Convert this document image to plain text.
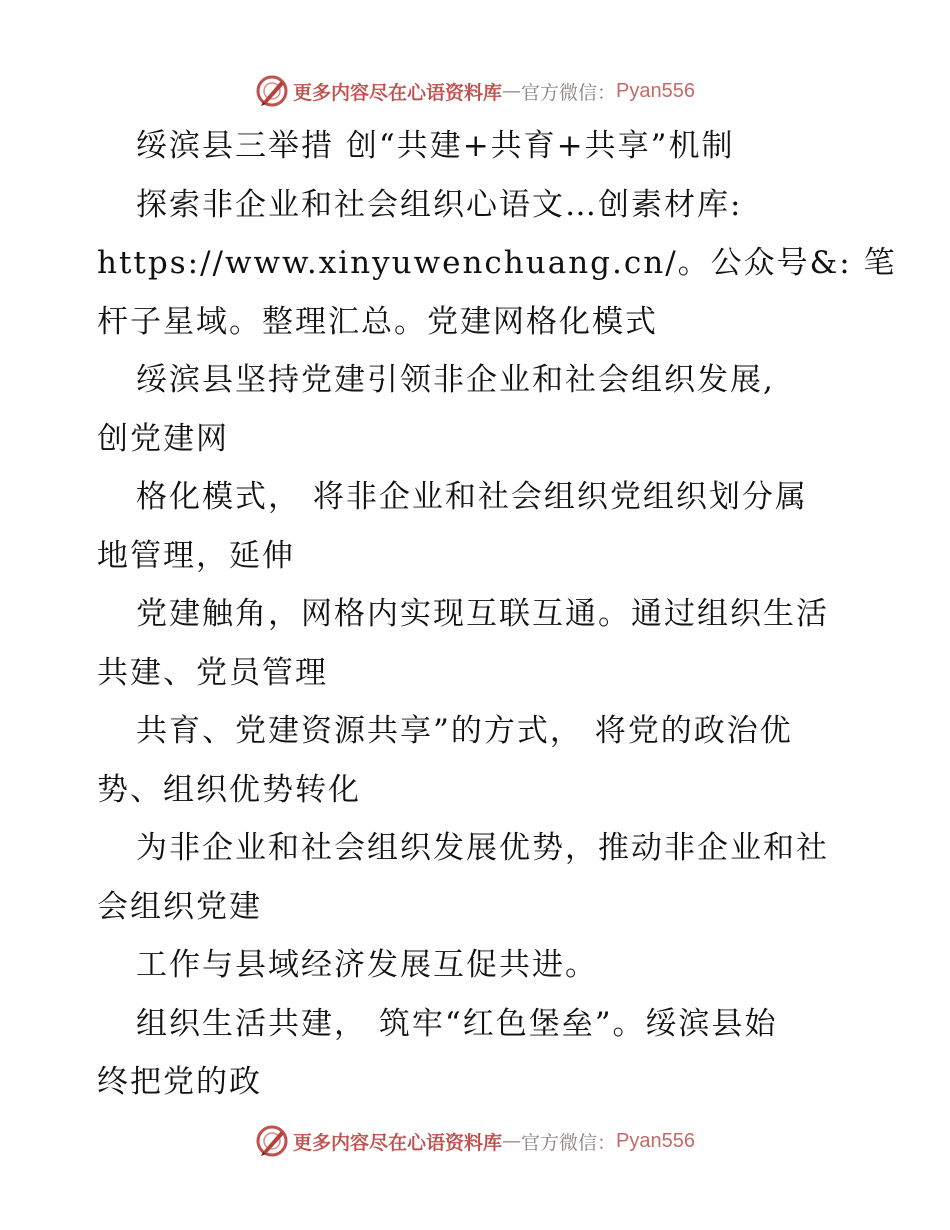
更多内容尽在心语资料库 — 官方微信： Pyan556
绥滨县三举措 创“共建+共育+共享”机制
探索非企业和社会组织心语文…创素材库:
https://www.xinyuwenchuang.cn/。公众号&: 笔
杆子星域。整理汇总。党建网格化模式
绥滨县坚持党建引领非企业和社会组织发展,
创党建网
格化模式， 将非企业和社会组织党组织划分属
地管理，延伸
党建触角，网格内实现互联互通。通过组织生活
共建、党员管理
共育、党建资源共享”的方式， 将党的政治优
势、组织优势转化
为非企业和社会组织发展优势，推动非企业和社
会组织党建
工作与县域经济发展互促共进。
组织生活共建， 筑牢“红色堡垒”。绥滨县始
终把党的政
更多内容尽在心语资料库 — 官方微信： Pyan556
